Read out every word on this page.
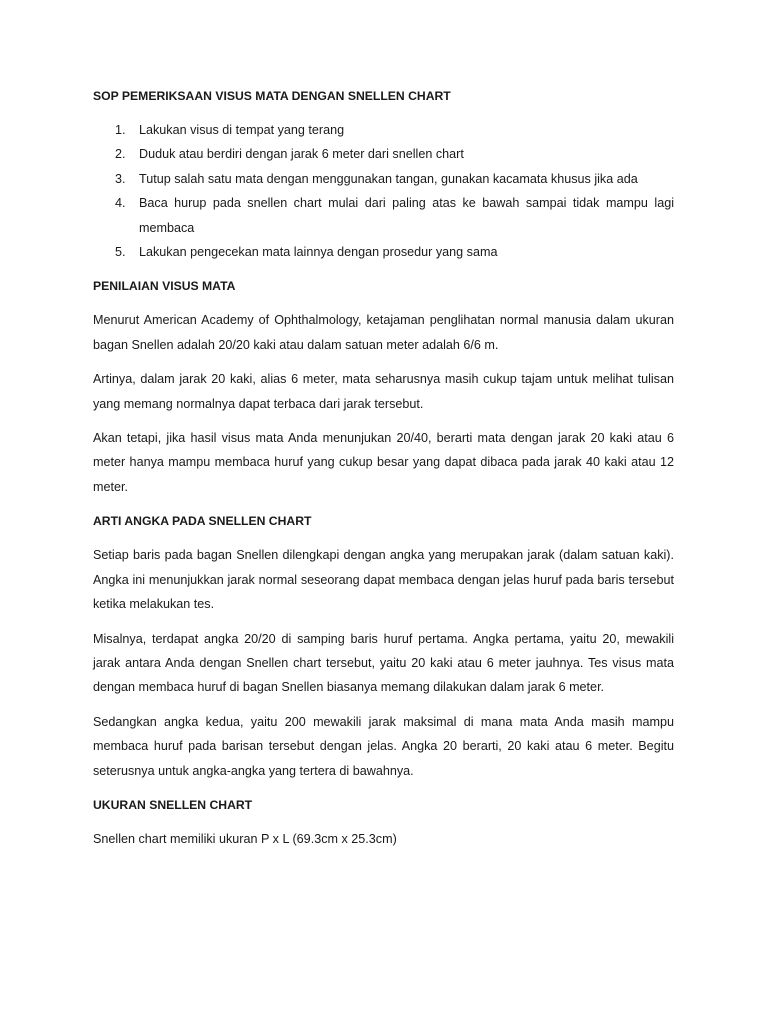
SOP PEMERIKSAAN VISUS MATA DENGAN SNELLEN CHART
1. Lakukan visus di tempat yang terang
2. Duduk atau berdiri dengan jarak 6 meter dari snellen chart
3. Tutup salah satu mata dengan menggunakan tangan, gunakan kacamata khusus jika ada
4. Baca hurup pada snellen chart mulai dari paling atas ke bawah sampai tidak mampu lagi membaca
5. Lakukan pengecekan mata lainnya dengan prosedur yang sama
PENILAIAN VISUS MATA

Menurut American Academy of Ophthalmology, ketajaman penglihatan normal manusia dalam ukuran bagan Snellen adalah 20/20 kaki atau dalam satuan meter adalah 6/6 m.

Artinya, dalam jarak 20 kaki, alias 6 meter, mata seharusnya masih cukup tajam untuk melihat tulisan yang memang normalnya dapat terbaca dari jarak tersebut.

Akan tetapi, jika hasil visus mata Anda menunjukan 20/40, berarti mata dengan jarak 20 kaki atau 6 meter hanya mampu membaca huruf yang cukup besar yang dapat dibaca pada jarak 40 kaki atau 12 meter.

ARTI ANGKA PADA SNELLEN CHART

Setiap baris pada bagan Snellen dilengkapi dengan angka yang merupakan jarak (dalam satuan kaki). Angka ini menunjukkan jarak normal seseorang dapat membaca dengan jelas huruf pada baris tersebut ketika melakukan tes.

Misalnya, terdapat angka 20/20 di samping baris huruf pertama. Angka pertama, yaitu 20, mewakili jarak antara Anda dengan Snellen chart tersebut, yaitu 20 kaki atau 6 meter jauhnya. Tes visus mata dengan membaca huruf di bagan Snellen biasanya memang dilakukan dalam jarak 6 meter.

Sedangkan angka kedua, yaitu 200 mewakili jarak maksimal di mana mata Anda masih mampu membaca huruf pada barisan tersebut dengan jelas. Angka 20 berarti, 20 kaki atau 6 meter. Begitu seterusnya untuk angka-angka yang tertera di bawahnya.

UKURAN SNELLEN CHART

Snellen chart memiliki ukuran P x L (69.3cm x 25.3cm)
